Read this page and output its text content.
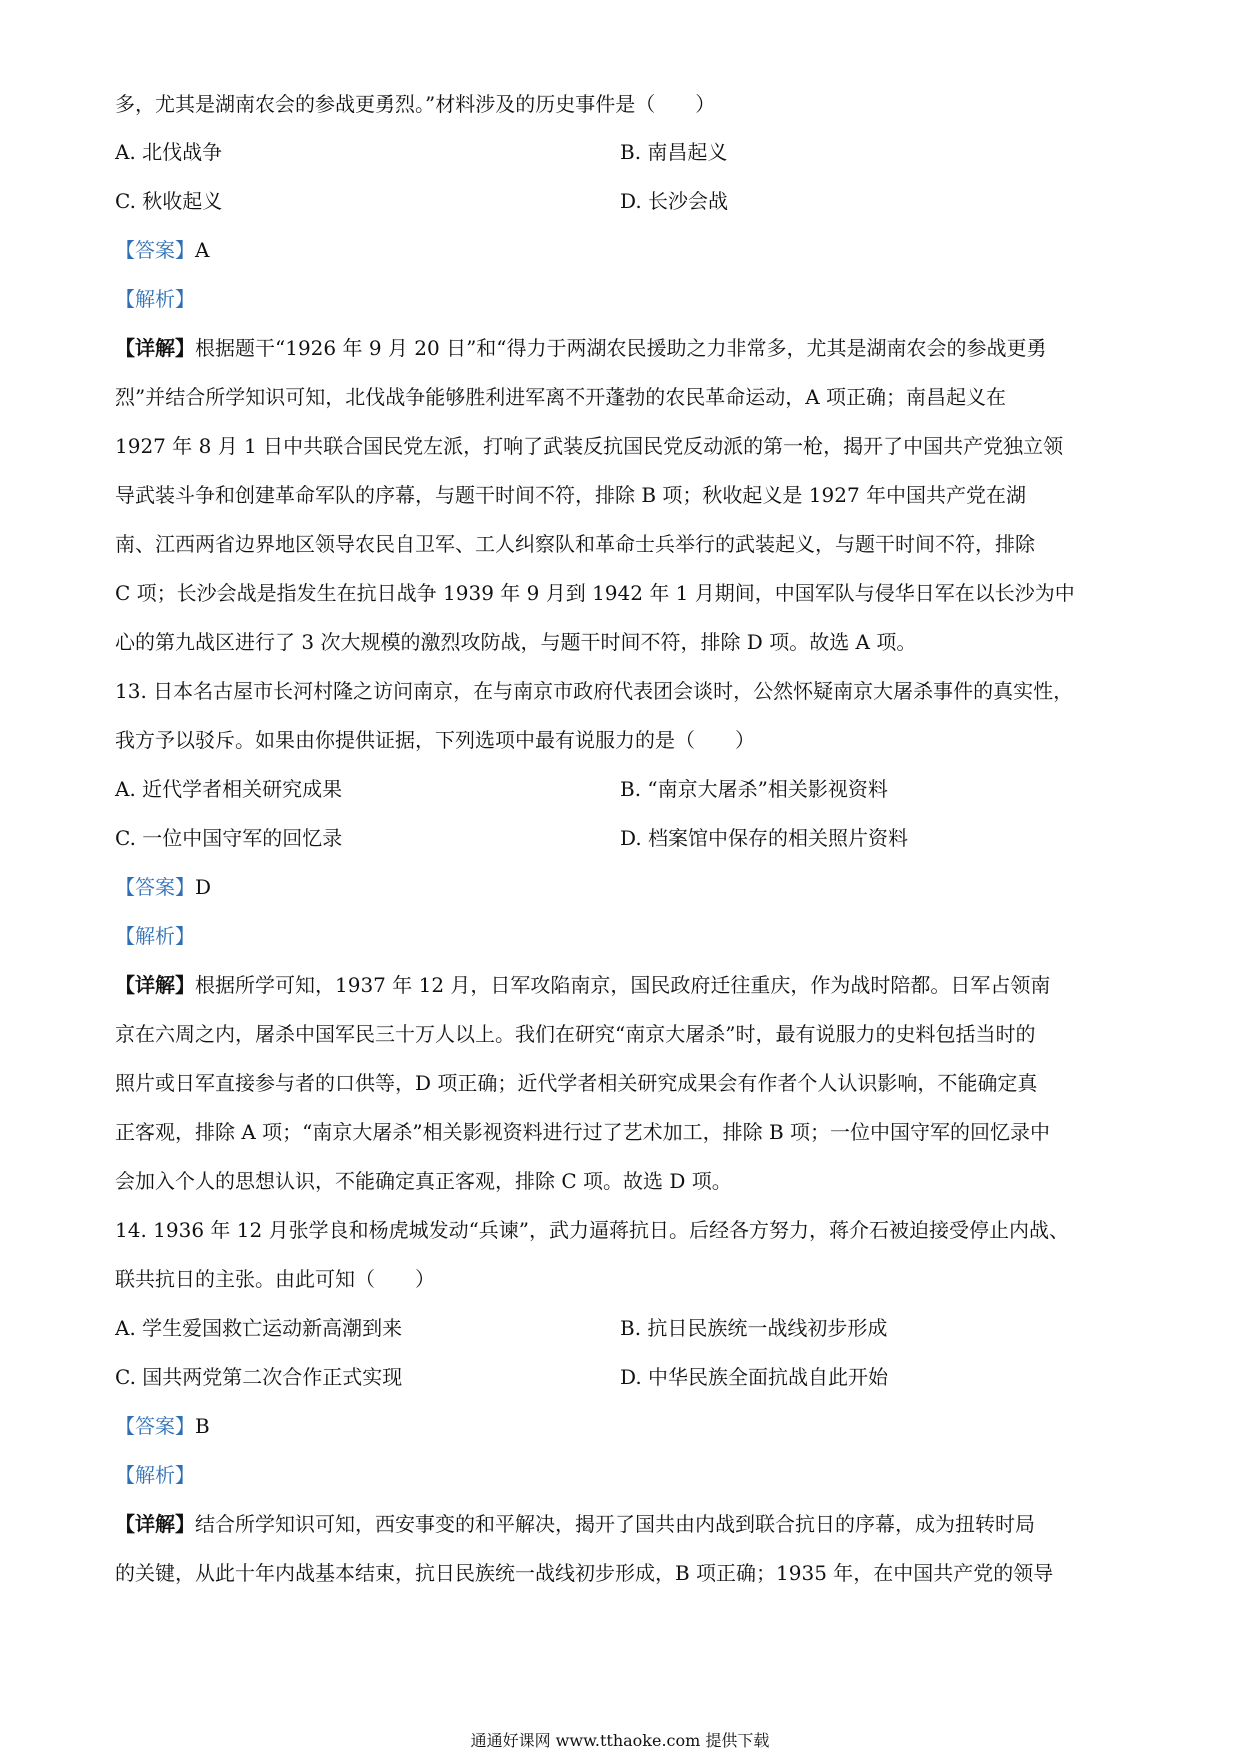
多，尤其是湖南农会的参战更勇烈。”材料涉及的历史事件是（　　）
A. 北伐战争	B. 南昌起义
C. 秋收起义	D. 长沙会战
【答案】A
【解析】
【详解】根据题干“1926 年 9 月 20 日”和“得力于两湖农民援助之力非常多，尤其是湖南农会的参战更勇
烈”并结合所学知识可知，北伐战争能够胜利进军离不开蓬勃的农民革命运动，A 项正确；南昌起义在
1927 年 8 月 1 日中共联合国民党左派，打响了武装反抗国民党反动派的第一枪，揭开了中国共产党独立领
导武装斗争和创建革命军队的序幕，与题干时间不符，排除 B 项；秋收起义是 1927 年中国共产党在湖
南、江西两省边界地区领导农民自卫军、工人纠察队和革命士兵举行的武装起义，与题干时间不符，排除
C 项；长沙会战是指发生在抗日战争 1939 年 9 月到 1942 年 1 月期间，中国军队与侵华日军在以长沙为中
心的第九战区进行了 3 次大规模的激烈攻防战，与题干时间不符，排除 D 项。故选 A 项。
13. 日本名古屋市长河村隆之访问南京，在与南京市政府代表团会谈时，公然怀疑南京大屠杀事件的真实性，
我方予以驳斥。如果由你提供证据，下列选项中最有说服力的是（　　）
A. 近代学者相关研究成果	B. “南京大屠杀”相关影视资料
C. 一位中国守军的回忆录	D. 档案馆中保存的相关照片资料
【答案】D
【解析】
【详解】根据所学可知，1937 年 12 月，日军攻陷南京，国民政府迁往重庆，作为战时陪都。日军占领南
京在六周之内，屠杀中国军民三十万人以上。我们在研究“南京大屠杀”时，最有说服力的史料包括当时的
照片或日军直接参与者的口供等，D 项正确；近代学者相关研究成果会有作者个人认识影响，不能确定真
正客观，排除 A 项；“南京大屠杀”相关影视资料进行过了艺术加工，排除 B 项；一位中国守军的回忆录中
会加入个人的思想认识，不能确定真正客观，排除 C 项。故选 D 项。
14. 1936 年 12 月张学良和杨虎城发动“兵谏”，武力逼蒋抗日。后经各方努力，蒋介石被迫接受停止内战、
联共抗日的主张。由此可知（　　）
A. 学生爱国救亡运动新高潮到来	B. 抗日民族统一战线初步形成
C. 国共两党第二次合作正式实现	D. 中华民族全面抗战自此开始
【答案】B
【解析】
【详解】结合所学知识可知，西安事变的和平解决，揭开了国共由内战到联合抗日的序幕，成为扭转时局
的关键，从此十年内战基本结束，抗日民族统一战线初步形成，B 项正确；1935 年，在中国共产党的领导
通通好课网 www.tthaoke.com 提供下载
